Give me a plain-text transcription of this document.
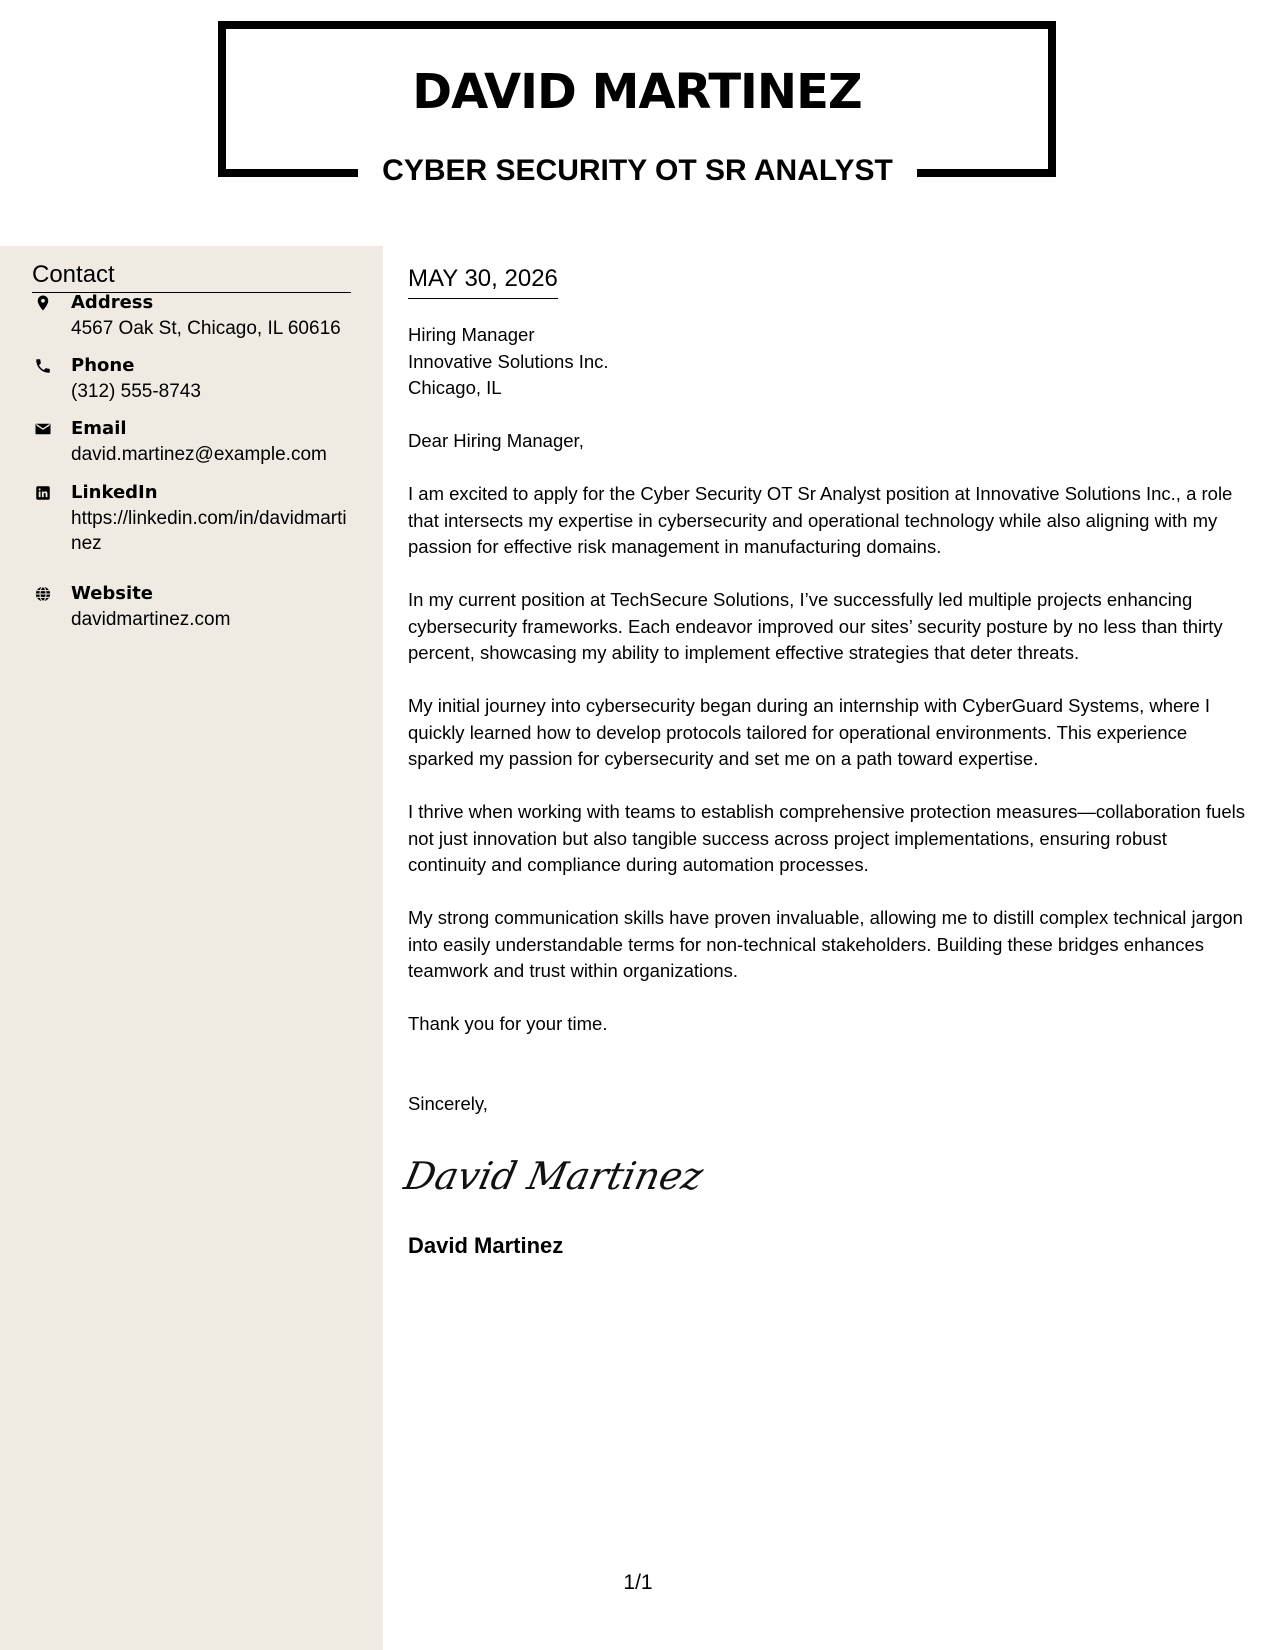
DAVID MARTINEZ
CYBER SECURITY OT SR ANALYST
Contact
Address
4567 Oak St, Chicago, IL 60616
Phone
(312) 555-8743
Email
david.martinez@example.com
LinkedIn
https://linkedin.com/in/davidmartinez
Website
davidmartinez.com
MAY 30, 2026
Hiring Manager
Innovative Solutions Inc.
Chicago, IL

Dear Hiring Manager,

I am excited to apply for the Cyber Security OT Sr Analyst position at Innovative Solutions Inc., a role that intersects my expertise in cybersecurity and operational technology while also aligning with my passion for effective risk management in manufacturing domains.

In my current position at TechSecure Solutions, I’ve successfully led multiple projects enhancing cybersecurity frameworks. Each endeavor improved our sites’ security posture by no less than thirty percent, showcasing my ability to implement effective strategies that deter threats.

My initial journey into cybersecurity began during an internship with CyberGuard Systems, where I quickly learned how to develop protocols tailored for operational environments. This experience sparked my passion for cybersecurity and set me on a path toward expertise.

I thrive when working with teams to establish comprehensive protection measures—collaboration fuels not just innovation but also tangible success across project implementations, ensuring robust continuity and compliance during automation processes.

My strong communication skills have proven invaluable, allowing me to distill complex technical jargon into easily understandable terms for non-technical stakeholders. Building these bridges enhances teamwork and trust within organizations.

Thank you for your time.

Sincerely,
David Martinez
David Martinez
1/1
